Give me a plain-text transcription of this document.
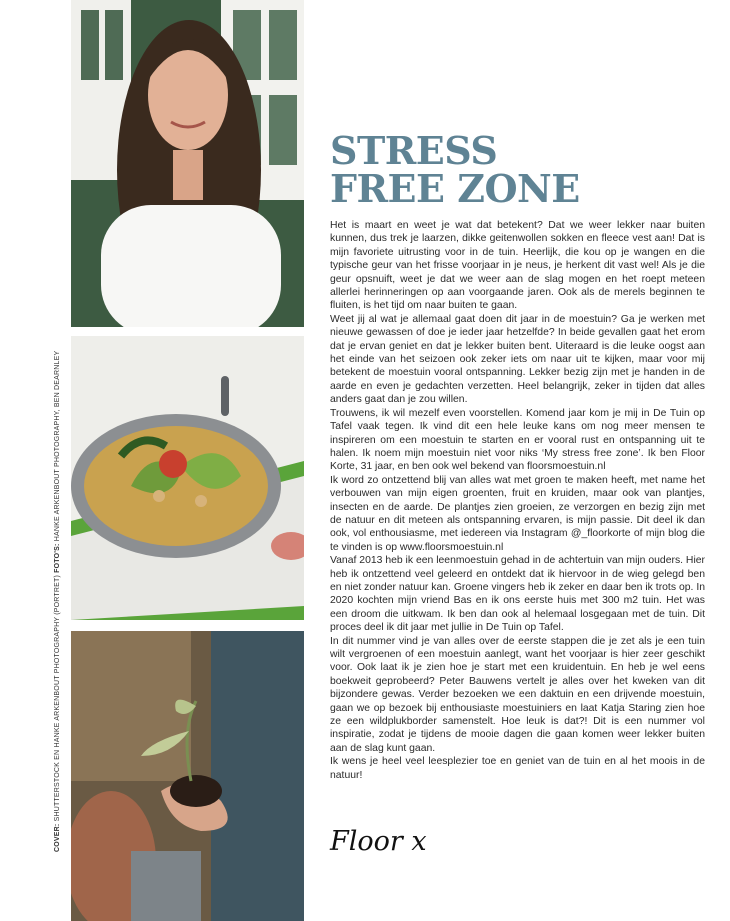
COVER: SHUTTERSTOCK EN HANKE ARKENBOUT PHOTOGRAPHY (PORTRET) FOTO'S: HANKE ARKENBOUT PHOTOGRAPHY, BEN DEARNLEY
STRESS
FREE ZONE

Het is maart en weet je wat dat betekent? Dat we weer lekker naar buiten kunnen, dus trek je laarzen, dikke geitenwollen sokken en fleece vest aan! Dat is mijn favoriete uitrusting voor in de tuin. Heerlijk, die kou op je wangen en die typische geur van het frisse voorjaar in je neus, je herkent dit vast wel! Als je die geur opsnuift, weet je dat we weer aan de slag mogen en het roept meteen allerlei herinneringen op aan voorgaande jaren. Ook als de merels beginnen te fluiten, is het tijd om naar buiten te gaan.

Weet jij al wat je allemaal gaat doen dit jaar in de moestuin? Ga je werken met nieuwe gewassen of doe je ieder jaar hetzelfde? In beide gevallen gaat het erom dat je ervan geniet en dat je lekker buiten bent. Uiteraard is die leuke oogst aan het einde van het seizoen ook zeker iets om naar uit te kijken, maar voor mij betekent de moestuin vooral ontspanning. Lekker bezig zijn met je handen in de aarde en even je gedachten verzetten. Heel belangrijk, zeker in tijden dat alles anders gaat dan je zou willen.

Trouwens, ik wil mezelf even voorstellen. Komend jaar kom je mij in De Tuin op Tafel vaak tegen. Ik vind dit een hele leuke kans om nog meer mensen te inspireren om een moestuin te starten en er vooral rust en ontspanning uit te halen. Ik noem mijn moestuin niet voor niks ‘My stress free zone’. Ik ben Floor Korte, 31 jaar, en ben ook wel bekend van floorsmoestuin.nl

Ik word zo ontzettend blij van alles wat met groen te maken heeft, met name het verbouwen van mijn eigen groenten, fruit en kruiden, maar ook van plantjes, insecten en de aarde. De plantjes zien groeien, ze verzorgen en bezig zijn met de natuur en dit meteen als ontspanning ervaren, is mijn passie. Dit deel ik dan ook, vol enthousiasme, met iedereen via Instagram @_floorkorte of mijn blog die te vinden is op www.floorsmoestuin.nl

Vanaf 2013 heb ik een leenmoestuin gehad in de achtertuin van mijn ouders. Hier heb ik ontzettend veel geleerd en ontdekt dat ik hiervoor in de wieg gelegd ben en niet zonder natuur kan. Groene vingers heb ik zeker en daar ben ik trots op. In 2020 kochten mijn vriend Bas en ik ons eerste huis met 300 m2 tuin. Het was een droom die uitkwam. Ik ben dan ook al helemaal losgegaan met de tuin. Dit proces deel ik dit jaar met jullie in De Tuin op Tafel.

In dit nummer vind je van alles over de eerste stappen die je zet als je een tuin wilt vergroenen of een moestuin aanlegt, want het voorjaar is hier zeer geschikt voor. Ook laat ik je zien hoe je start met een kruidentuin. En heb je wel eens boekweit geprobeerd? Peter Bauwens vertelt je alles over het kweken van dit bijzondere gewas. Verder bezoeken we een daktuin en een drijvende moestuin, gaan we op bezoek bij enthousiaste moestuiniers en laat Katja Staring zien hoe ze een wildplukborder samenstelt. Hoe leuk is dat?! Dit is een nummer vol inspiratie, zodat je tijdens de mooie dagen die gaan komen weer lekker buiten aan de slag kunt gaan.

Ik wens je heel veel leesplezier toe en geniet van de tuin en al het moois in de natuur!

Floor x
